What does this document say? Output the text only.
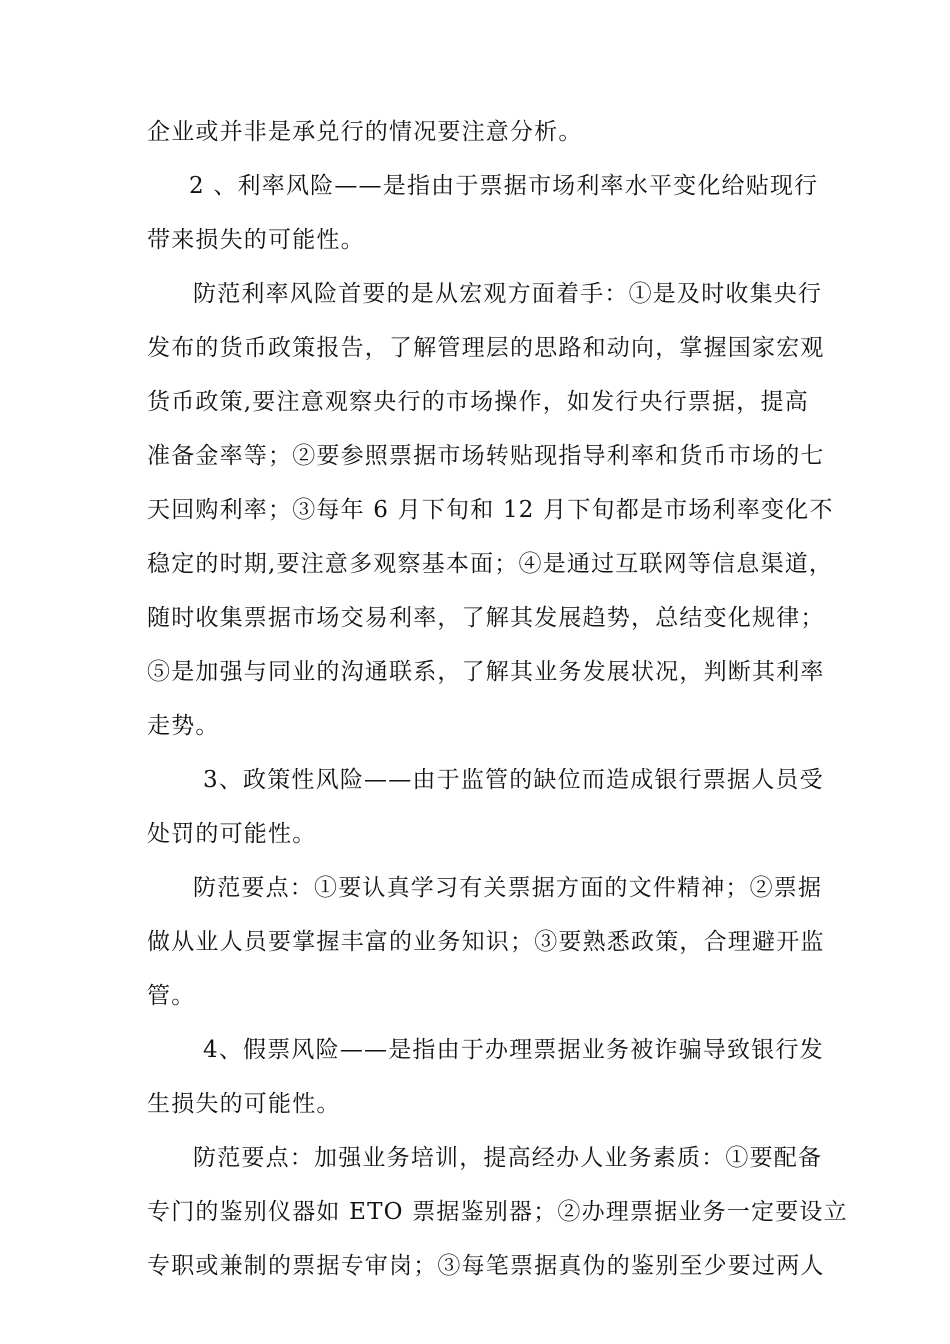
企业或并非是承兑行的情况要注意分析。
2 、利率风险——是指由于票据市场利率水平变化给贴现行
带来损失的可能性。
防范利率风险首要的是从宏观方面着手：①是及时收集央行
发布的货币政策报告，了解管理层的思路和动向，掌握国家宏观
货币政策,要注意观察央行的市场操作，如发行央行票据，提高
准备金率等；②要参照票据市场转贴现指导利率和货币市场的七
天回购利率；③每年 6 月下旬和 12 月下旬都是市场利率变化不
稳定的时期,要注意多观察基本面；④是通过互联网等信息渠道，
随时收集票据市场交易利率，了解其发展趋势，总结变化规律；
⑤是加强与同业的沟通联系，了解其业务发展状况，判断其利率
走势。
3、政策性风险——由于监管的缺位而造成银行票据人员受
处罚的可能性。
防范要点：①要认真学习有关票据方面的文件精神；②票据
做从业人员要掌握丰富的业务知识；③要熟悉政策，合理避开监
管。
4、假票风险——是指由于办理票据业务被诈骗导致银行发
生损失的可能性。
防范要点：加强业务培训，提高经办人业务素质：①要配备
专门的鉴别仪器如 ETO 票据鉴别器；②办理票据业务一定要设立
专职或兼制的票据专审岗；③每笔票据真伪的鉴别至少要过两人
